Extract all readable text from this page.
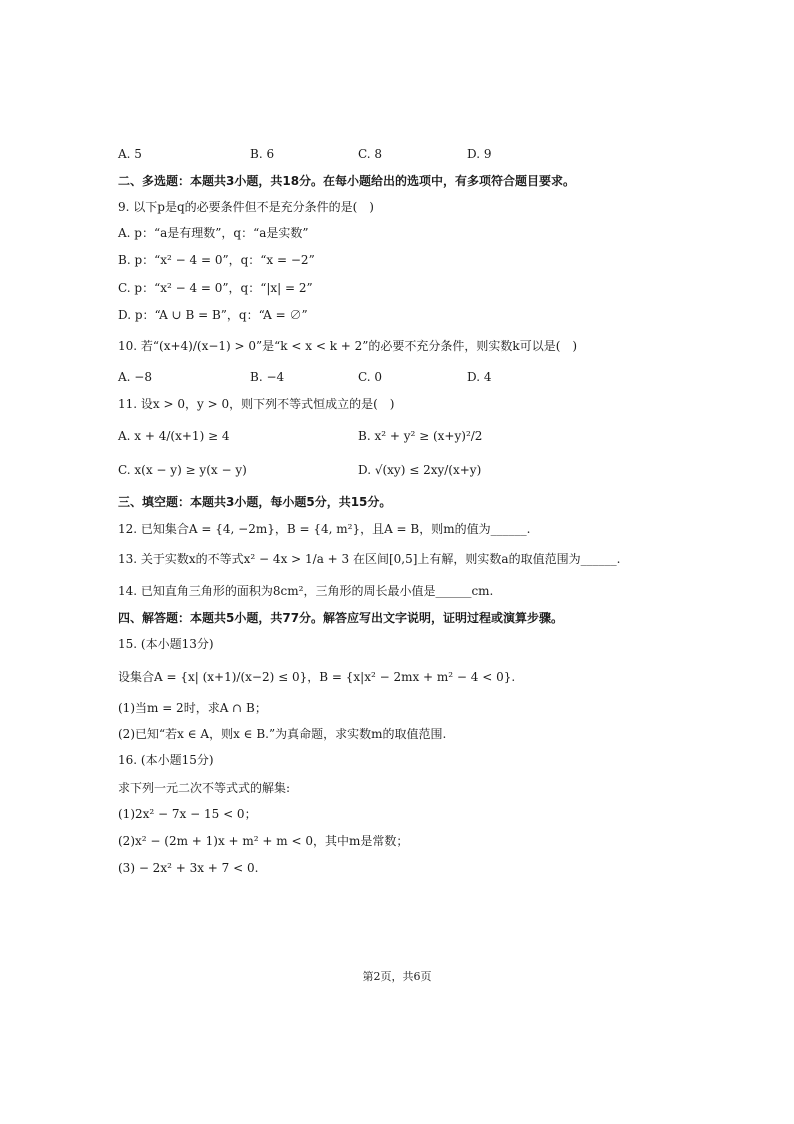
A. 5	B. 6	C. 8	D. 9
二、多选题：本题共3小题，共18分。在每小题给出的选项中，有多项符合题目要求。
9. 以下p是q的必要条件但不是充分条件的是(　)
A. p：“a是有理数”，q：“a是实数”
B. p：“x² − 4 = 0”，q：“x = −2”
C. p：“x² − 4 = 0”，q：“|x| = 2”
D. p：“A ∪ B = B”，q：“A = ∅”
10. 若“(x+4)/(x−1) > 0”是“k < x < k + 2”的必要不充分条件，则实数k可以是(　)
A. −8	B. −4	C. 0	D. 4
11. 设x > 0，y > 0，则下列不等式恒成立的是(　)
A. x + 4/(x+1) ≥ 4	B. x² + y² ≥ (x+y)²/2
C. x(x − y) ≥ y(x − y)	D. √(xy) ≤ 2xy/(x+y)
三、填空题：本题共3小题，每小题5分，共15分。
12. 已知集合A = {4, −2m}，B = {4, m²}，且A = B，则m的值为______.
13. 关于实数x的不等式x² − 4x > 1/a + 3 在区间[0,5]上有解，则实数a的取值范围为______.
14. 已知直角三角形的面积为8cm²，三角形的周长最小值是______cm.
四、解答题：本题共5小题，共77分。解答应写出文字说明，证明过程或演算步骤。
15. (本小题13分)
设集合A = {x| (x+1)/(x−2) ≤ 0}，B = {x|x² − 2mx + m² − 4 < 0}.
(1)当m = 2时，求A ∩ B；
(2)已知“若x ∈ A，则x ∈ B.”为真命题，求实数m的取值范围.
16. (本小题15分)
求下列一元二次不等式式的解集:
(1)2x² − 7x − 15 < 0；
(2)x² − (2m + 1)x + m² + m < 0，其中m是常数；
(3) − 2x² + 3x + 7 < 0.
第2页，共6页
